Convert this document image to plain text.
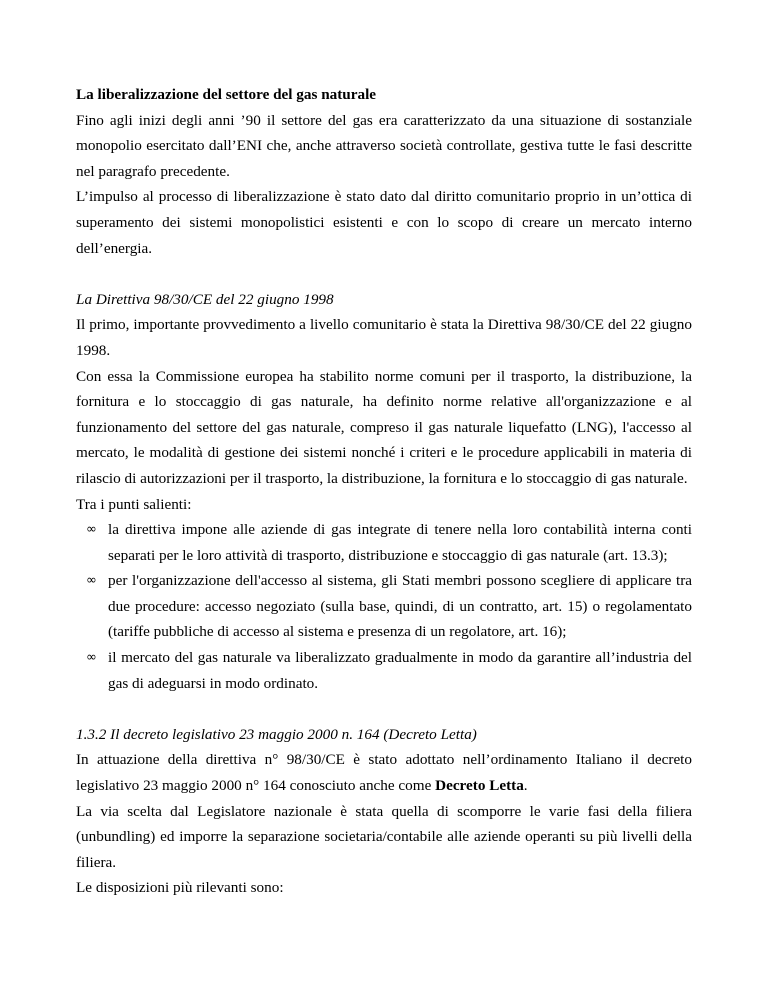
La liberalizzazione del settore del gas naturale

Fino agli inizi degli anni ’90 il settore del gas era caratterizzato da una situazione di sostanziale monopolio esercitato dall’ENI che, anche attraverso società controllate, gestiva tutte le fasi descritte nel paragrafo precedente.

L’impulso al processo di liberalizzazione è stato dato dal diritto comunitario proprio in un’ottica di superamento dei sistemi monopolistici esistenti e con lo scopo di creare un mercato interno dell’energia.

La Direttiva 98/30/CE del 22 giugno 1998

Il primo, importante provvedimento a livello comunitario è stata la Direttiva 98/30/CE del 22 giugno 1998.

Con essa la Commissione europea ha stabilito norme comuni per il trasporto, la distribuzione, la fornitura e lo stoccaggio di gas naturale, ha definito norme relative all'organizzazione e al funzionamento del settore del gas naturale, compreso il gas naturale liquefatto (LNG), l'accesso al mercato, le modalità di gestione dei sistemi nonché i criteri e le procedure applicabili in materia di rilascio di autorizzazioni per il trasporto, la distribuzione, la fornitura e lo stoccaggio di gas naturale.

Tra i punti salienti:

∞ la direttiva impone alle aziende di gas integrate di tenere nella loro contabilità interna conti separati per le loro attività di trasporto, distribuzione e stoccaggio di gas naturale (art. 13.3);
∞ per l'organizzazione dell'accesso al sistema, gli Stati membri possono scegliere di applicare tra due procedure: accesso negoziato (sulla base, quindi, di un contratto, art. 15) o regolamentato (tariffe pubbliche di accesso al sistema e presenza di un regolatore, art. 16);
∞ il mercato del gas naturale va liberalizzato gradualmente in modo da garantire all’industria del gas di adeguarsi in modo ordinato.

1.3.2 Il decreto legislativo 23 maggio 2000 n. 164 (Decreto Letta)

In attuazione della direttiva n° 98/30/CE è stato adottato nell’ordinamento Italiano il decreto legislativo 23 maggio 2000 n° 164 conosciuto anche come Decreto Letta.

La via scelta dal Legislatore nazionale è stata quella di scomporre le varie fasi della filiera (unbundling) ed imporre la separazione societaria/contabile alle aziende operanti su più livelli della filiera.

Le disposizioni più rilevanti sono:
